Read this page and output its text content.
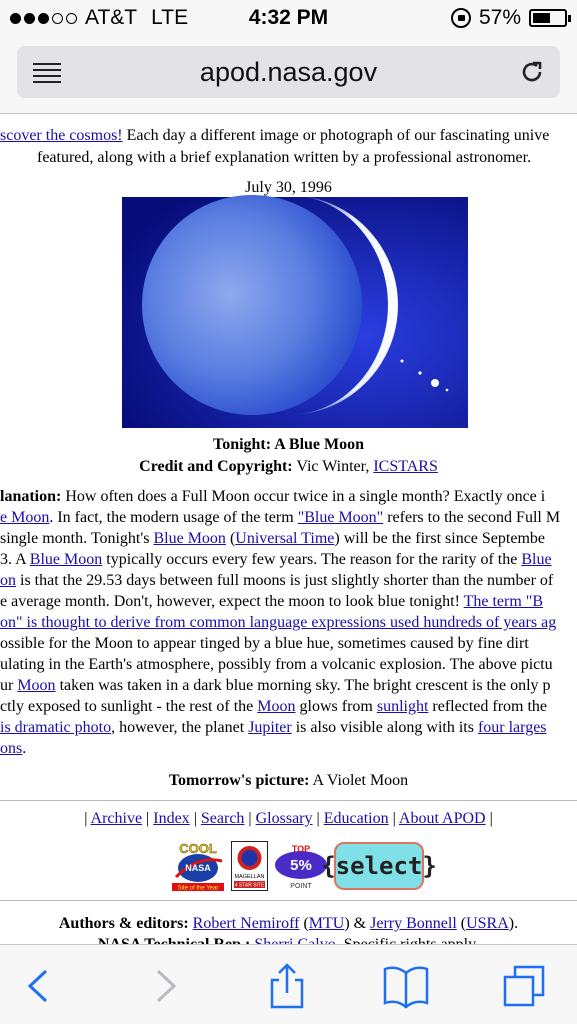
AT&T LTE	4:32 PM	57%
apod.nasa.gov
scover the cosmos! Each day a different image or photograph of our fascinating unive
featured, along with a brief explanation written by a professional astronomer.
July 30, 1996
Tonight: A Blue Moon
Credit and Copyright: Vic Winter, ICSTARS
lanation: How often does a Full Moon occur twice in a single month? Exactly once i
e Moon. In fact, the modern usage of the term "Blue Moon" refers to the second Full M
single month. Tonight's Blue Moon (Universal Time) will be the first since Septembe
3. A Blue Moon typically occurs every few years. The reason for the rarity of the Blue
on is that the 29.53 days between full moons is just slightly shorter than the number of
e average month. Don't, however, expect the moon to look blue tonight! The term "B
on" is thought to derive from common language expressions used hundreds of years ag
ossible for the Moon to appear tinged by a blue hue, sometimes caused by fine dirt
ulating in the Earth's atmosphere, possibly from a volcanic explosion. The above pictu
ur Moon taken was taken in a dark blue morning sky. The bright crescent is the only p
ctly exposed to sunlight - the rest of the Moon glows from sunlight reflected from the
is dramatic photo, however, the planet Jupiter is also visible along with its four larges
ons.
Tomorrow's picture: A Violet Moon
| Archive | Index | Search | Glossary | Education | About APOD |
COOL
NASA
Site of the Year
MAGELLAN
4 STAR SITE
TOP
5%
POINT
{select}
Authors & editors: Robert Nemiroff (MTU) & Jerry Bonnell (USRA).
